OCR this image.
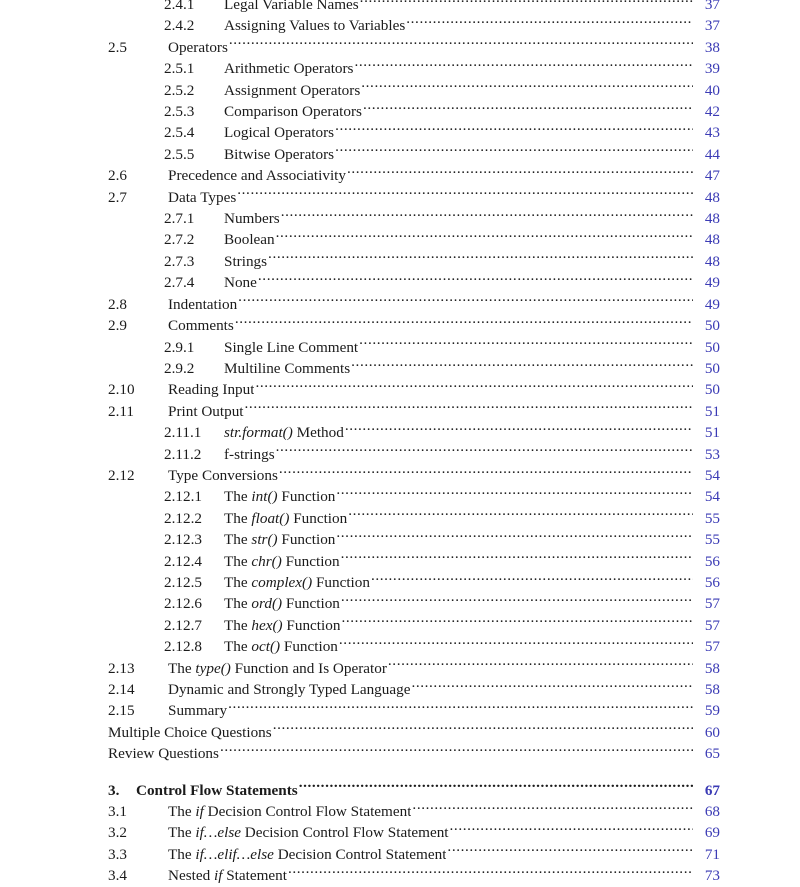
2.4.1	Legal Variable Names .....	37
2.4.2	Assigning Values to Variables .....	37
2.5	Operators .....	38
2.5.1	Arithmetic Operators .....	39
2.5.2	Assignment Operators .....	40
2.5.3	Comparison Operators .....	42
2.5.4	Logical Operators .....	43
2.5.5	Bitwise Operators .....	44
2.6	Precedence and Associativity .....	47
2.7	Data Types .....	48
2.7.1	Numbers .....	48
2.7.2	Boolean .....	48
2.7.3	Strings .....	48
2.7.4	None .....	49
2.8	Indentation .....	49
2.9	Comments .....	50
2.9.1	Single Line Comment .....	50
2.9.2	Multiline Comments .....	50
2.10	Reading Input .....	50
2.11	Print Output .....	51
2.11.1	str.format() Method .....	51
2.11.2	f-strings .....	53
2.12	Type Conversions .....	54
2.12.1	The int() Function .....	54
2.12.2	The float() Function .....	55
2.12.3	The str() Function .....	55
2.12.4	The chr() Function .....	56
2.12.5	The complex() Function .....	56
2.12.6	The ord() Function .....	57
2.12.7	The hex() Function .....	57
2.12.8	The oct() Function .....	57
2.13	The type() Function and Is Operator .....	58
2.14	Dynamic and Strongly Typed Language .....	58
2.15	Summary .....	59
Multiple Choice Questions .....	60
Review Questions .....	65
3.	Control Flow Statements .....	67
3.1	The if Decision Control Flow Statement .....	68
3.2	The if…else Decision Control Flow Statement .....	69
3.3	The if…elif…else Decision Control Statement .....	71
3.4	Nested if Statement .....	73
